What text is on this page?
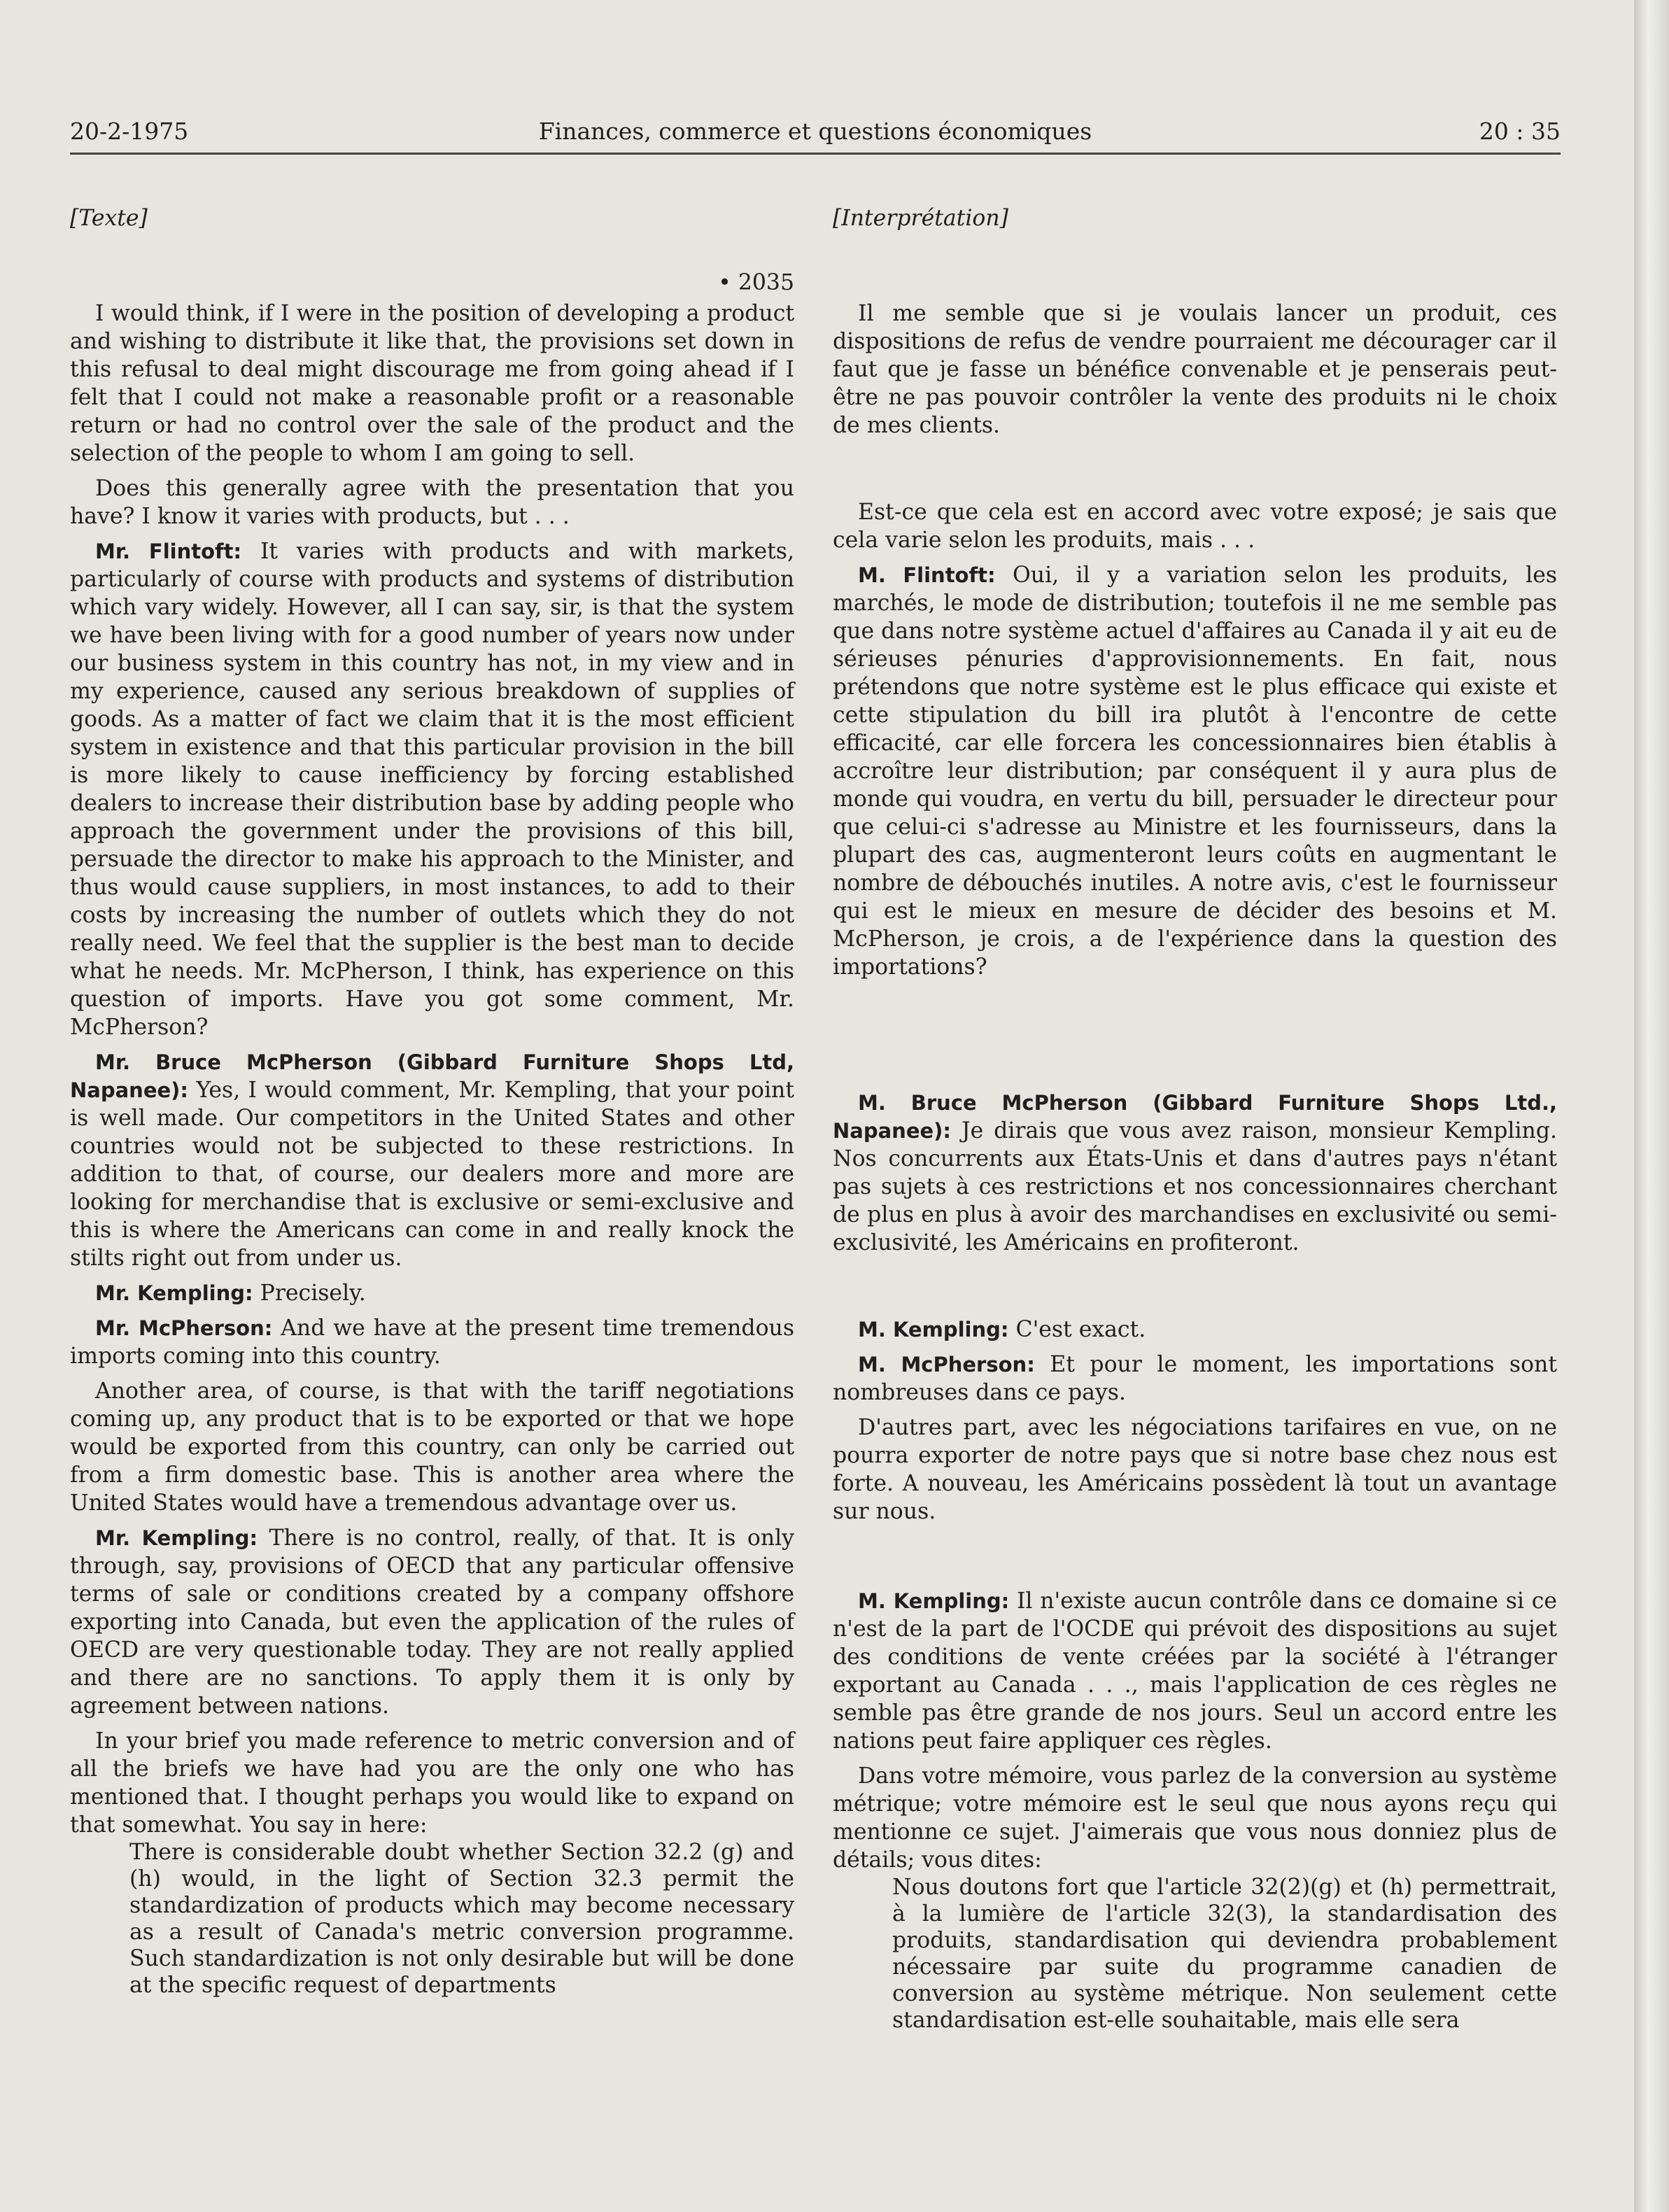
20-2-1975	Finances, commerce et questions économiques	20 : 35
[Texte]
• 2035

I would think, if I were in the position of developing a product and wishing to distribute it like that, the provisions set down in this refusal to deal might discourage me from going ahead if I felt that I could not make a reasonable profit or a reasonable return or had no control over the sale of the product and the selection of the people to whom I am going to sell.

Does this generally agree with the presentation that you have? I know it varies with products, but . . .

Mr. Flintoft: It varies with products and with markets, particularly of course with products and systems of distribution which vary widely. However, all I can say, sir, is that the system we have been living with for a good number of years now under our business system in this country has not, in my view and in my experience, caused any serious breakdown of supplies of goods. As a matter of fact we claim that it is the most efficient system in existence and that this particular provision in the bill is more likely to cause inefficiency by forcing established dealers to increase their distribution base by adding people who approach the government under the provisions of this bill, persuade the director to make his approach to the Minister, and thus would cause suppliers, in most instances, to add to their costs by increasing the number of outlets which they do not really need. We feel that the supplier is the best man to decide what he needs. Mr. McPherson, I think, has experience on this question of imports. Have you got some comment, Mr. McPherson?

Mr. Bruce McPherson (Gibbard Furniture Shops Ltd, Napanee): Yes, I would comment, Mr. Kempling, that your point is well made. Our competitors in the United States and other countries would not be subjected to these restrictions. In addition to that, of course, our dealers more and more are looking for merchandise that is exclusive or semi-exclusive and this is where the Americans can come in and really knock the stilts right out from under us.

Mr. Kempling: Precisely.

Mr. McPherson: And we have at the present time tremendous imports coming into this country.

Another area, of course, is that with the tariff negotiations coming up, any product that is to be exported or that we hope would be exported from this country, can only be carried out from a firm domestic base. This is another area where the United States would have a tremendous advantage over us.

Mr. Kempling: There is no control, really, of that. It is only through, say, provisions of OECD that any particular offensive terms of sale or conditions created by a company offshore exporting into Canada, but even the application of the rules of OECD are very questionable today. They are not really applied and there are no sanctions. To apply them it is only by agreement between nations.

In your brief you made reference to metric conversion and of all the briefs we have had you are the only one who has mentioned that. I thought perhaps you would like to expand on that somewhat. You say in here:

There is considerable doubt whether Section 32.2 (g) and (h) would, in the light of Section 32.3 permit the standardization of products which may become necessary as a result of Canada's metric conversion programme. Such standardization is not only desirable but will be done at the specific request of departments

[Interprétation]

Il me semble que si je voulais lancer un produit, ces dispositions de refus de vendre pourraient me décourager car il faut que je fasse un bénéfice convenable et je penserais peut-être ne pas pouvoir contrôler la vente des produits ni le choix de mes clients.

Est-ce que cela est en accord avec votre exposé; je sais que cela varie selon les produits, mais . . .

M. Flintoft: Oui, il y a variation selon les produits, les marchés, le mode de distribution; toutefois il ne me semble pas que dans notre système actuel d'affaires au Canada il y ait eu de sérieuses pénuries d'approvisionnements. En fait, nous prétendons que notre système est le plus efficace qui existe et cette stipulation du bill ira plutôt à l'encontre de cette efficacité, car elle forcera les concessionnaires bien établis à accroître leur distribution; par conséquent il y aura plus de monde qui voudra, en vertu du bill, persuader le directeur pour que celui-ci s'adresse au Ministre et les fournisseurs, dans la plupart des cas, augmenteront leurs coûts en augmentant le nombre de débouchés inutiles. A notre avis, c'est le fournisseur qui est le mieux en mesure de décider des besoins et M. McPherson, je crois, a de l'expérience dans la question des importations?

M. Bruce McPherson (Gibbard Furniture Shops Ltd., Napanee): Je dirais que vous avez raison, monsieur Kempling. Nos concurrents aux États-Unis et dans d'autres pays n'étant pas sujets à ces restrictions et nos concessionnaires cherchant de plus en plus à avoir des marchandises en exclusivité ou semi-exclusivité, les Américains en profiteront.

M. Kempling: C'est exact.

M. McPherson: Et pour le moment, les importations sont nombreuses dans ce pays.

D'autres part, avec les négociations tarifaires en vue, on ne pourra exporter de notre pays que si notre base chez nous est forte. A nouveau, les Américains possèdent là tout un avantage sur nous.

M. Kempling: Il n'existe aucun contrôle dans ce domaine si ce n'est de la part de l'OCDE qui prévoit des dispositions au sujet des conditions de vente créées par la société à l'étranger exportant au Canada . . ., mais l'application de ces règles ne semble pas être grande de nos jours. Seul un accord entre les nations peut faire appliquer ces règles.

Dans votre mémoire, vous parlez de la conversion au système métrique; votre mémoire est le seul que nous ayons reçu qui mentionne ce sujet. J'aimerais que vous nous donniez plus de détails; vous dites:

Nous doutons fort que l'article 32(2)(g) et (h) permettrait, à la lumière de l'article 32(3), la standardisation des produits, standardisation qui deviendra probablement nécessaire par suite du programme canadien de conversion au système métrique. Non seulement cette standardisation est-elle souhaitable, mais elle sera
